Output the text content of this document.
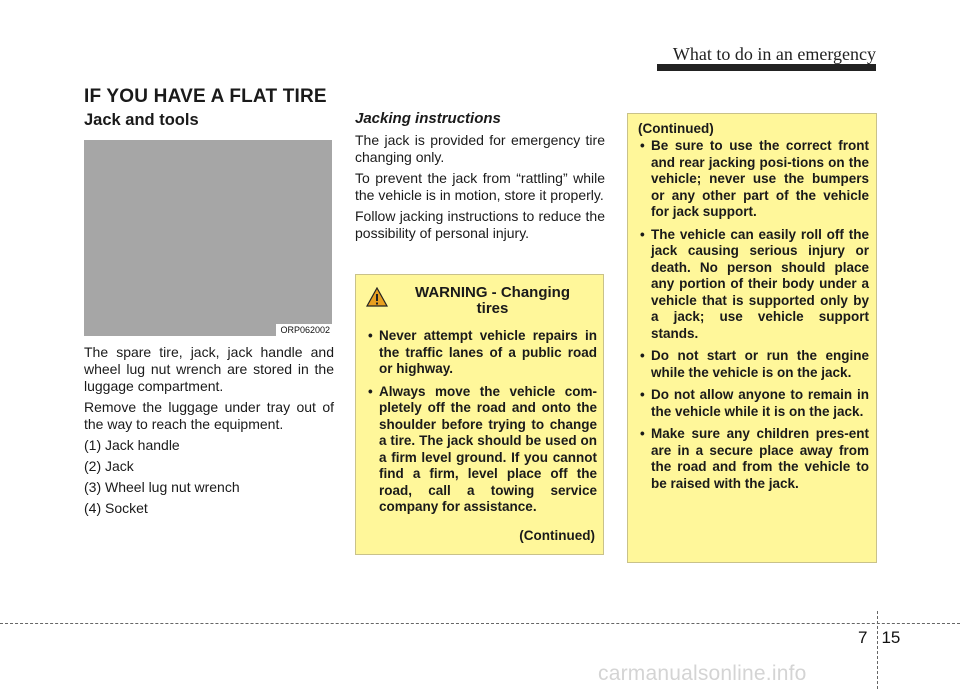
What to do in an emergency
IF YOU HAVE A FLAT TIRE
Jack and tools
ORP062002

The spare tire, jack, jack handle and wheel lug nut wrench are stored in the luggage compartment.

Remove the luggage under tray out of the way to reach the equipment.

(1) Jack handle
(2) Jack
(3) Wheel lug nut wrench
(4) Socket
Jacking instructions

The jack is provided for emergency tire changing only.

To prevent the jack from “rattling” while the vehicle is in motion, store it properly.

Follow jacking instructions to reduce the possibility of personal injury.

WARNING - Changing
tires
• Never attempt vehicle repairs in the traffic lanes of a public road or highway.
• Always move the vehicle com-pletely off the road and onto the shoulder before trying to change a tire. The jack should be used on a firm level ground. If you cannot find a firm, level place off the road, call a towing service company for assistance.
(Continued)
(Continued)
• Be sure to use the correct front and rear jacking posi-tions on the vehicle; never use the bumpers or any other part of the vehicle for jack support.
• The vehicle can easily roll off the jack causing serious injury or death. No person should place any portion of their body under a vehicle that is supported only by a jack; use vehicle support stands.
• Do not start or run the engine while the vehicle is on the jack.
• Do not allow anyone to remain in the vehicle while it is on the jack.
• Make sure any children pres-ent are in a secure place away from the road and from the vehicle to be raised with the jack.
7 15
carmanualsonline.info
